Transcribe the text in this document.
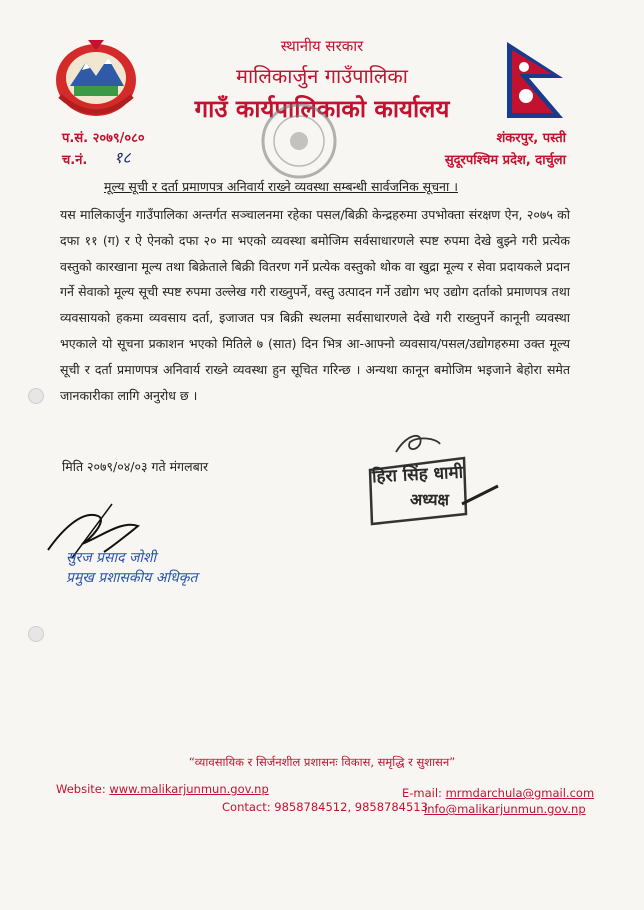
स्थानीय सरकार
मालिकार्जुन गाउँपालिका
गाउँ कार्यपालिकाको कार्यालय
प.सं. २०७९/०८०
च.नं. १८
शंकरपुर, पस्ती
सुदूरपश्चिम प्रदेश, दार्चुला
मूल्य सूची र दर्ता प्रमाणपत्र अनिवार्य राख्ने व्यवस्था सम्बन्धी सार्वजनिक सूचना ।
यस मालिकार्जुन गाउँपालिका अन्तर्गत सञ्चालनमा रहेका पसल/बिक्री केन्द्रहरुमा उपभोक्ता संरक्षण ऐन, २०७५ को दफा ११ (ग) र ऐ ऐनको दफा २० मा भएको व्यवस्था बमोजिम सर्वसाधारणले स्पष्ट रुपमा देखे बुझ्ने गरी प्रत्येक वस्तुको कारखाना मूल्य तथा बिक्रेताले बिक्री वितरण गर्ने प्रत्येक वस्तुको थोक वा खुद्रा मूल्य र सेवा प्रदायकले प्रदान गर्ने सेवाको मूल्य सूची स्पष्ट रुपमा उल्लेख गरी राख्नुपर्ने, वस्तु उत्पादन गर्ने उद्योग भए उद्योग दर्ताको प्रमाणपत्र तथा व्यवसायको हकमा व्यवसाय दर्ता, इजाजत पत्र बिक्री स्थलमा सर्वसाधारणले देखे गरी राख्नुपर्ने कानूनी व्यवस्था भएकाले यो सूचना प्रकाशन भएको मितिले ७ (सात) दिन भित्र आ-आफ्नो व्यवसाय/पसल/उद्योगहरुमा उक्त मूल्य सूची र दर्ता प्रमाणपत्र अनिवार्य राख्ने व्यवस्था हुन सूचित गरिन्छ । अन्यथा कानून बमोजिम भइजाने बेहोरा समेत जानकारीका लागि अनुरोध छ ।
मिति २०७९/०४/०३ गते मंगलबार
सुरज प्रसाद जोशी
प्रमुख प्रशासकीय अधिकृत
हिरा सिंह धामी
अध्यक्ष
“व्यावसायिक र सिर्जनशील प्रशासनः विकास, समृद्धि र सुशासन”
Website: www.malikarjunmun.gov.np	E-mail: mrmdarchula@gmail.com
Contact: 9858784512, 9858784513
info@malikarjunmun.gov.np
